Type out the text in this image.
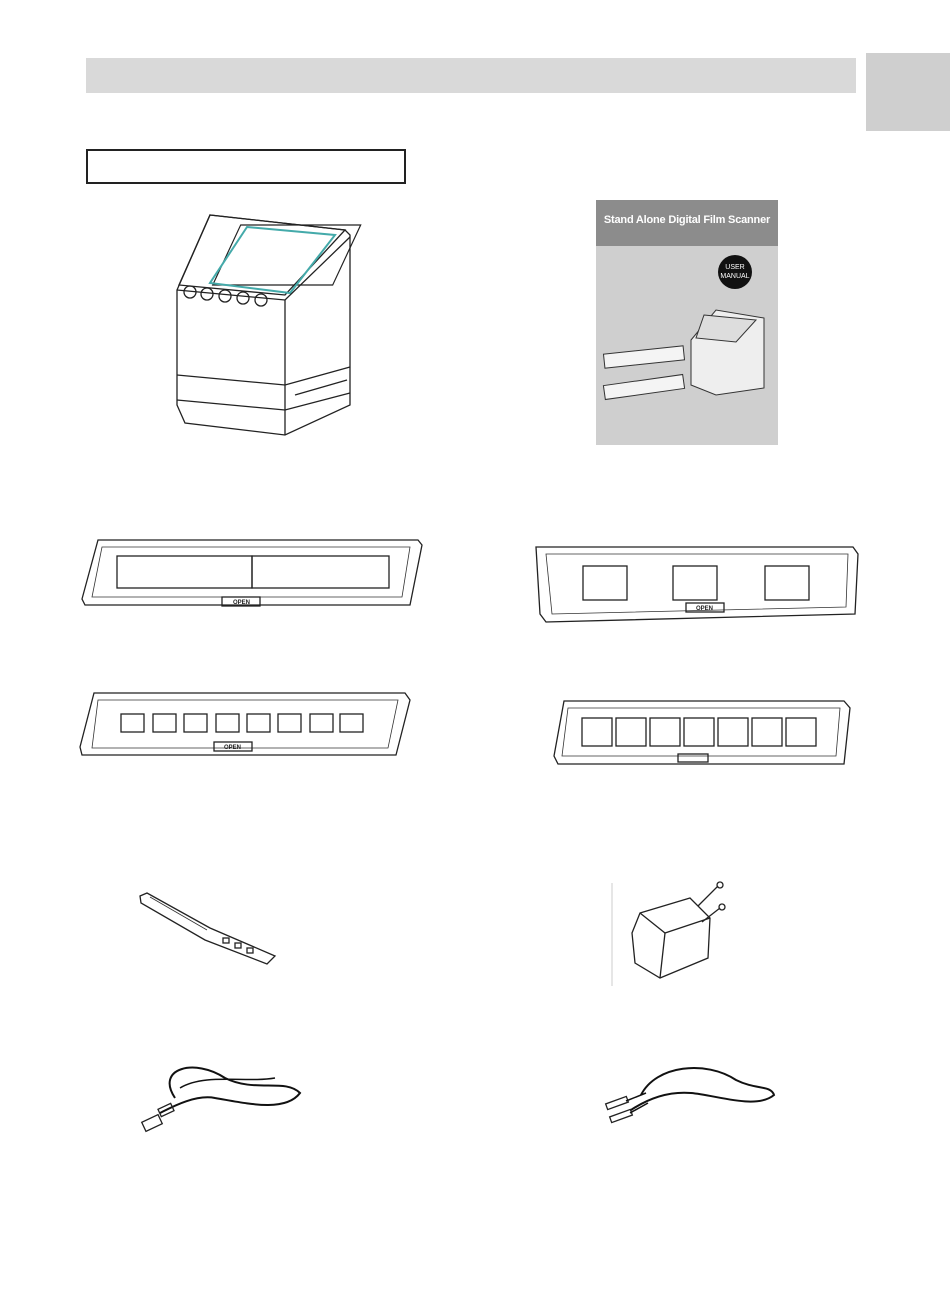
Stand Alone Digital Film Scanner
USER
MANUAL
OPEN
OPEN
OPEN
